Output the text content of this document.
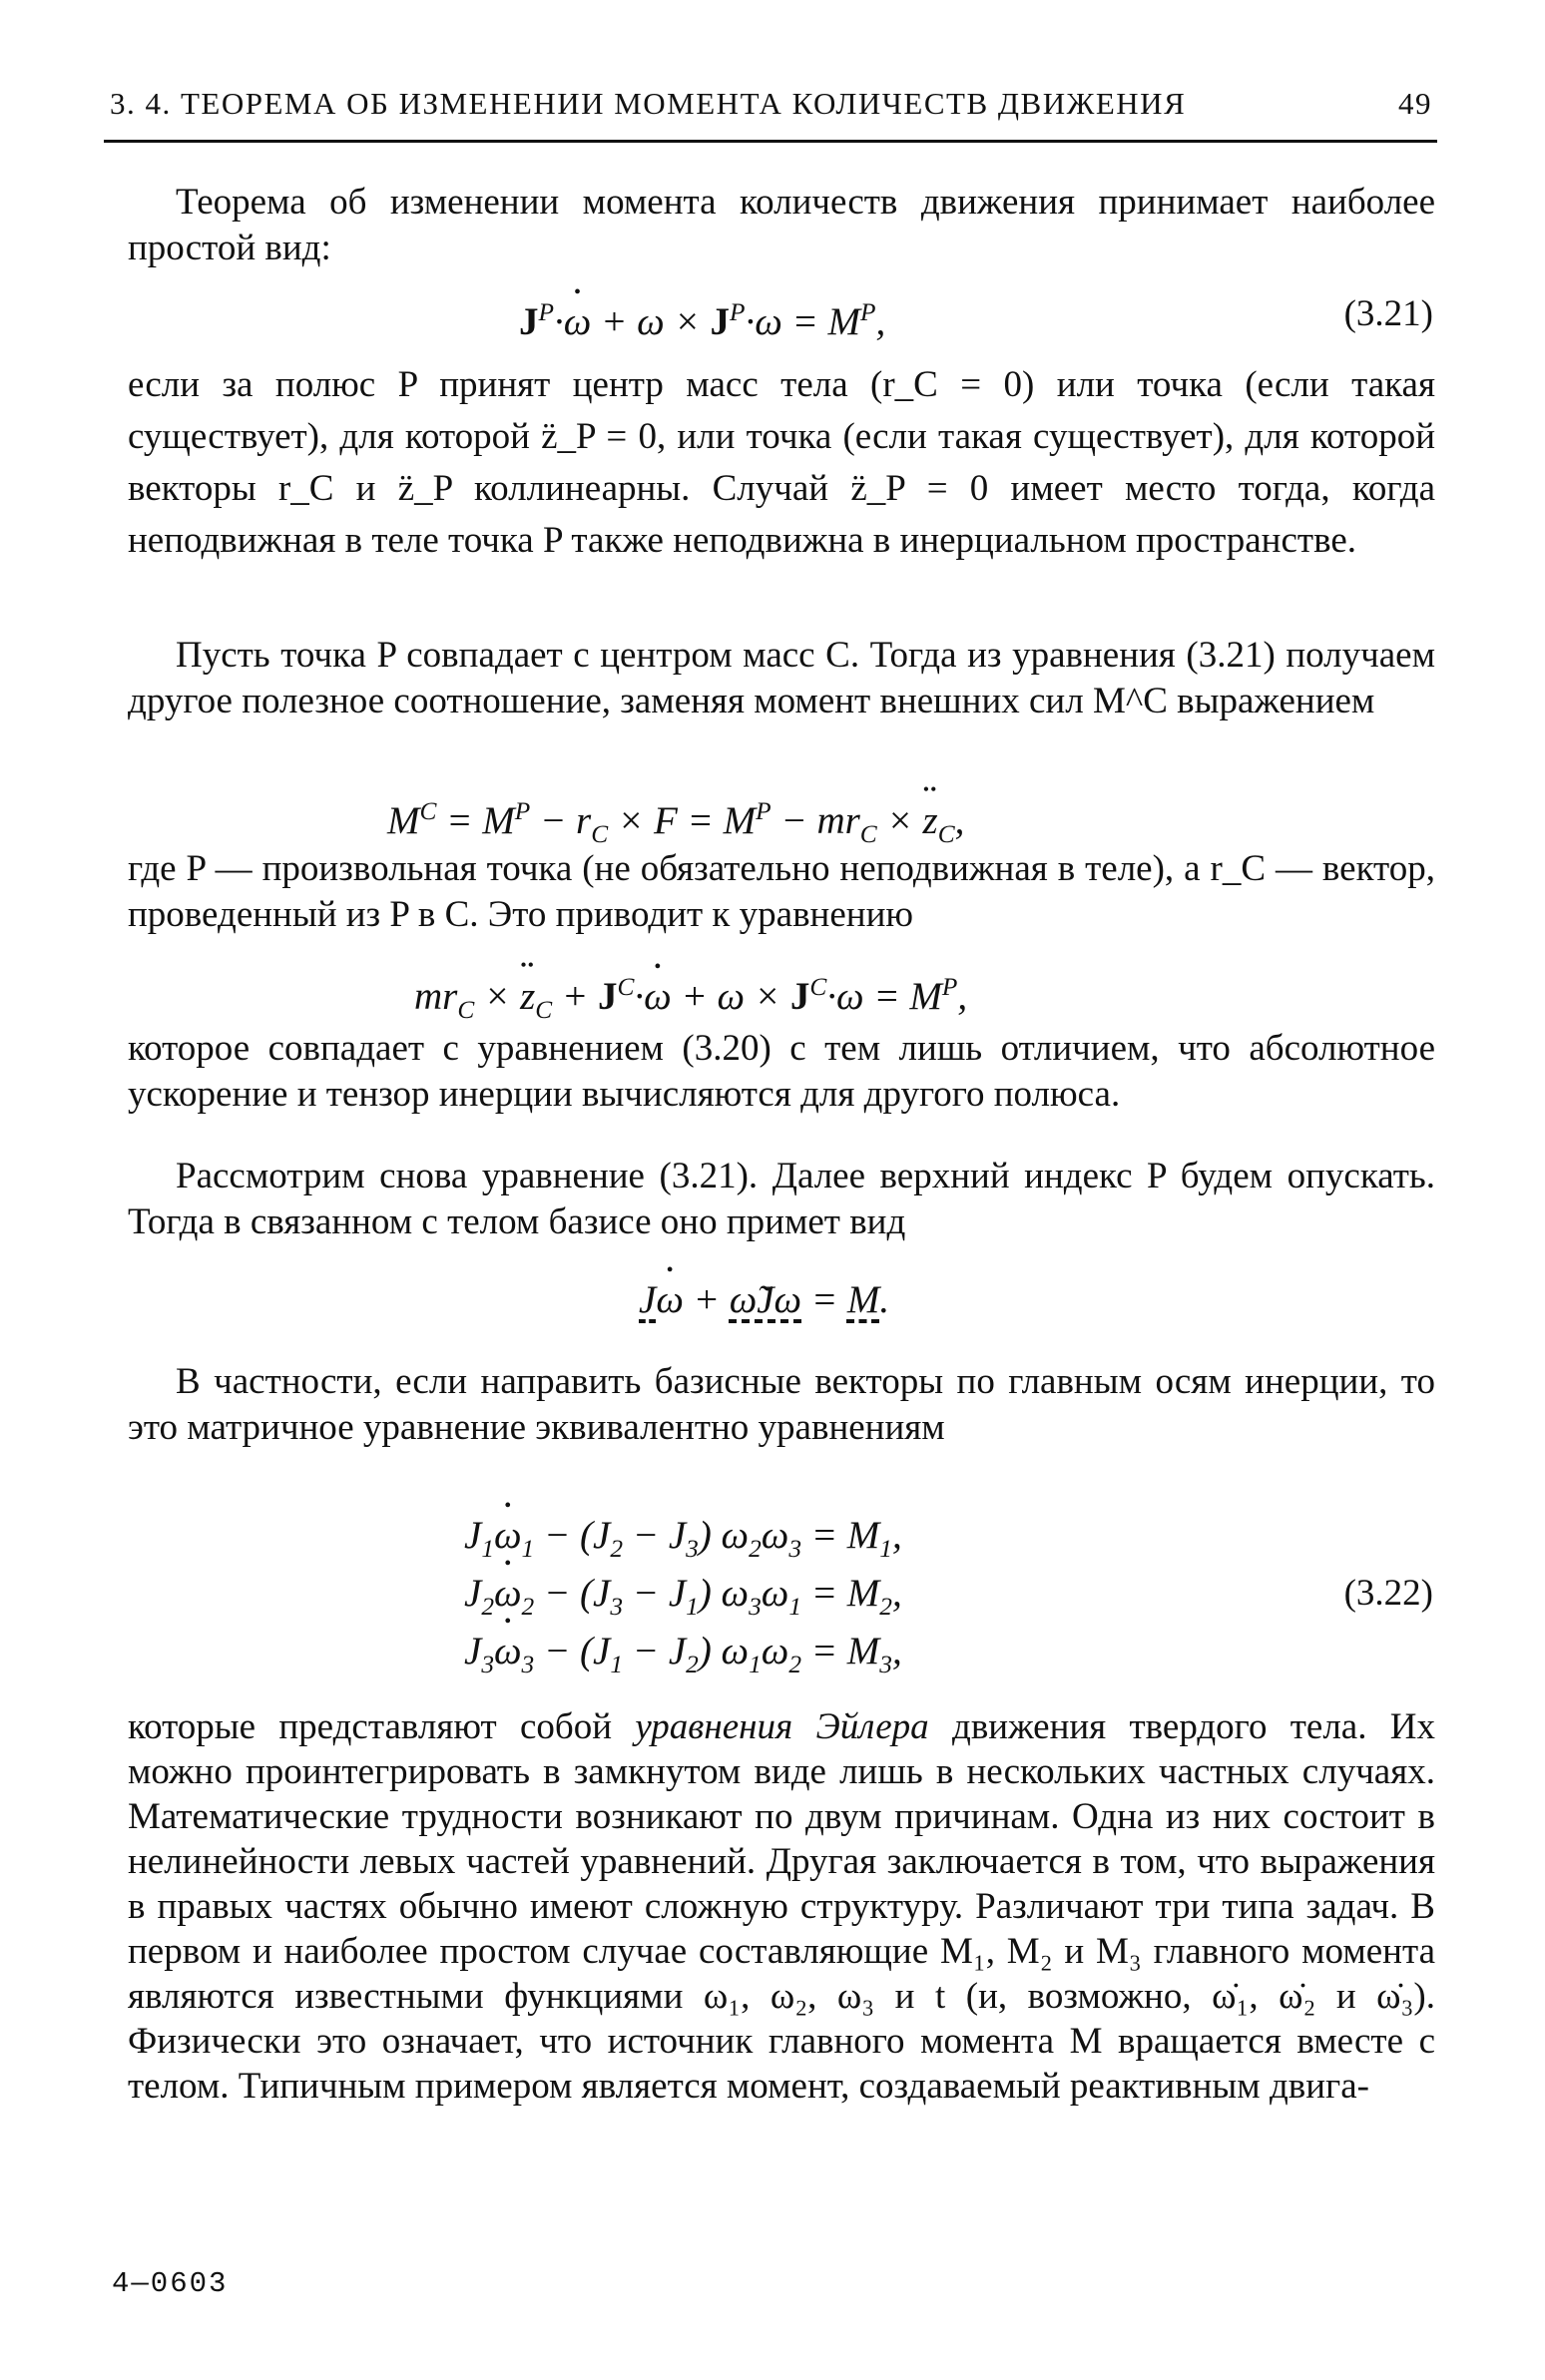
3. 4. ТЕОРЕМА ОБ ИЗМЕНЕНИИ МОМЕНТА КОЛИЧЕСТВ ДВИЖЕНИЯ	49
Теорема об изменении момента количеств движения принимает наиболее простой вид:
$J^P\cdot•$ $\omega + \omega \times J^P\cdot\omega = M^P$,	(3.21)
если за полюс P принят центр масс тела (r_C = 0) или точка (если такая существует), для которой z̈_P = 0, или точка (если такая существует), для которой векторы r_C и z̈_P коллинеарны. Случай z̈_P = 0 имеет место тогда, когда неподвижная в теле точка P также неподвижна в инерциальном пространстве.
Пусть точка P совпадает с центром масс C. Тогда из уравнения (3.21) получаем другое полезное соотношение, заменяя момент внешних сил M^C выражением
$M^C = M^P - r_C \times F = M^P - mr_C$ × •• $z_C$,
где P — произвольная точка (не обязательно неподвижная в теле), а r_C — вектор, проведенный из P в C. Это приводит к уравнению
$mr_C$ × •• $z_C$ + $J^C\cdot•$ $\omega + \omega \times J^C\cdot\omega = M^P$,
которое совпадает с уравнением (3.20) с тем лишь отличием, что абсолютное ускорение и тензор инерции вычисляются для другого полюса.
Рассмотрим снова уравнение (3.21). Далее верхний индекс P будем опускать. Тогда в связанном с телом базисе оно примет вид
J• ω + ω̃Jω = M.
В частности, если направить базисные векторы по главным осям инерции, то это матричное уравнение эквивалентно уравнениям
$J_1•$ $\omega_1 - (J_2 - J_3) \omega_2\omega_3 = M_1$,
$J_2•$ $\omega_2 - (J_3 - J_1) \omega_3\omega_1 = M_2$,
$J_3•$ $\omega_3 - (J_1 - J_2) \omega_1\omega_2 = M_3$,
(3.22)
которые представляют собой уравнения Эйлера движения твердого тела. Их можно проинтегрировать в замкнутом виде лишь в нескольких частных случаях. Математические трудности возникают по двум причинам. Одна из них состоит в нелинейности левых частей уравнений. Другая заключается в том, что выражения в правых частях обычно имеют сложную структуру. Различают три типа задач. В первом и наиболее простом случае составляющие M₁, M₂ и M₃ главного момента являются известными функциями ω₁, ω₂, ω₃ и t (и, возможно, ω̇₁, ω̇₂ и ω̇₃). Физически это означает, что источник главного момента M вращается вместе с телом. Типичным примером является момент, создаваемый реактивным двига-
4—0603
